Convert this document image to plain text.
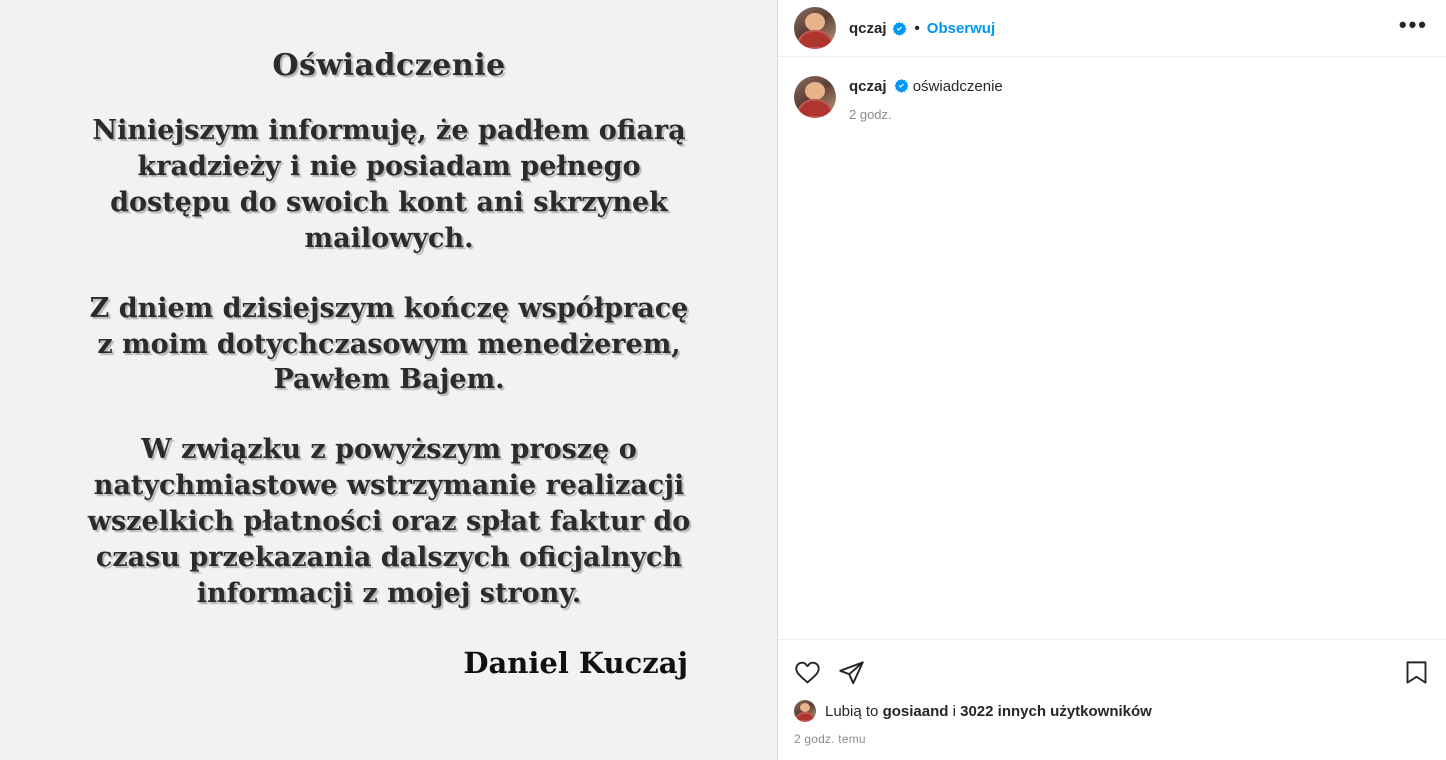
Oświadczenie
Niniejszym informuję, że padłem ofiarą kradzieży i nie posiadam pełnego dostępu do swoich kont ani skrzynek mailowych.
Z dniem dzisiejszym kończę współpracę z moim dotychczasowym menedżerem, Pawłem Bajem.
W związku z powyższym proszę o natychmiastowe wstrzymanie realizacji wszelkich płatności oraz spłat faktur do czasu przekazania dalszych oficjalnych informacji z mojej strony.
Daniel Kuczaj
qczaj • Obserwuj	•••
qczaj oświadczenie
2 godz.
Lubią to gosiaand i 3022 innych użytkowników
2 godz. temu
